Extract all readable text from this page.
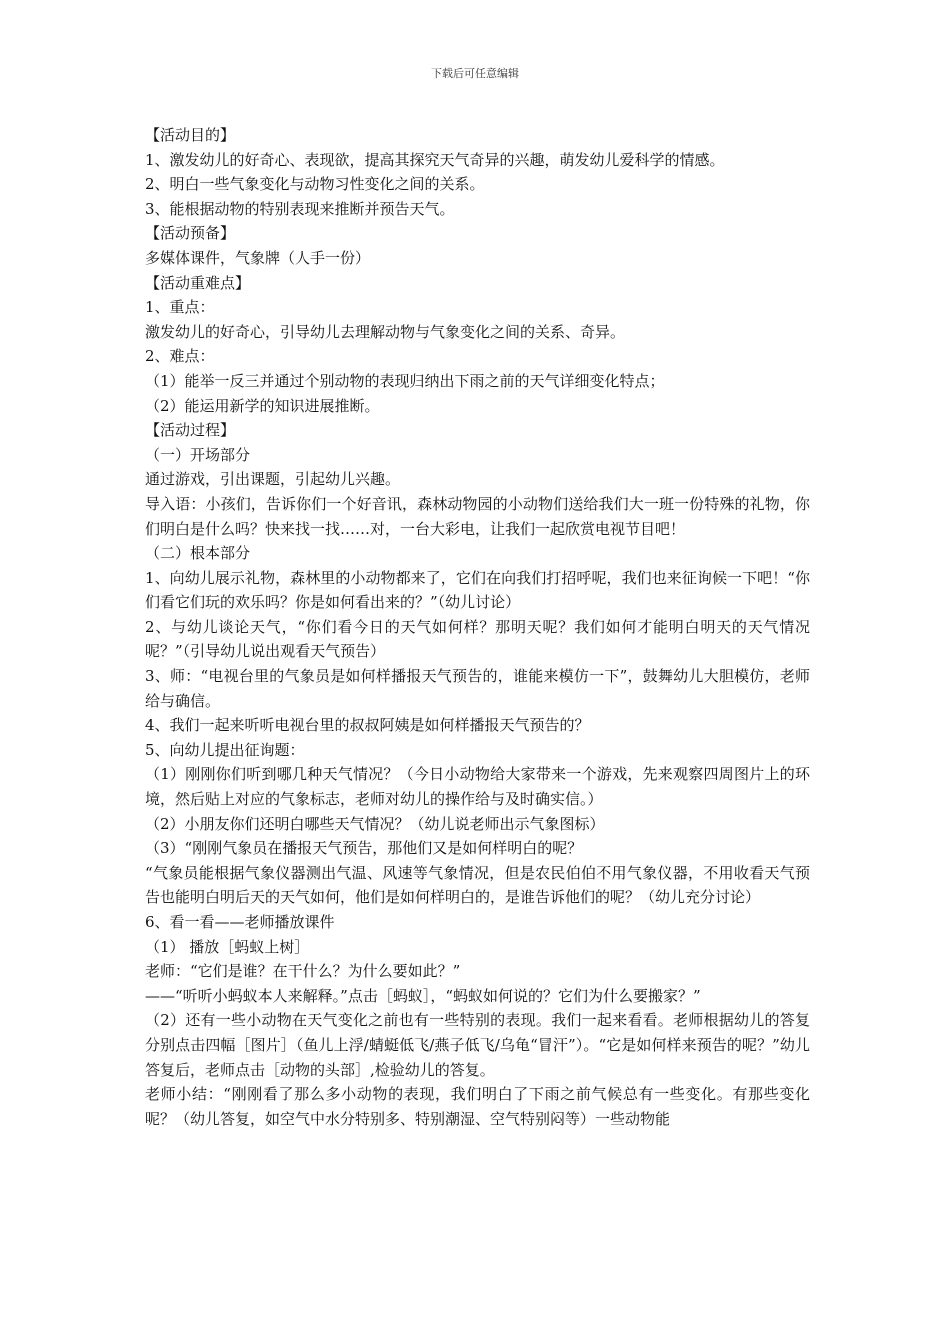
下载后可任意编辑

【活动目的】

1、激发幼儿的好奇心、表现欲，提高其探究天气奇异的兴趣，萌发幼儿爱科学的情感。

2、明白一些气象变化与动物习性变化之间的关系。

3、能根据动物的特别表现来推断并预告天气。

【活动预备】

多媒体课件，气象牌（人手一份）

【活动重难点】

1、重点：

激发幼儿的好奇心，引导幼儿去理解动物与气象变化之间的关系、奇异。

2、难点：

（1）能举一反三并通过个别动物的表现归纳出下雨之前的天气详细变化特点；

（2）能运用新学的知识进展推断。

【活动过程】

（一）开场部分

通过游戏，引出课题，引起幼儿兴趣。

导入语：小孩们，告诉你们一个好音讯，森林动物园的小动物们送给我们大一班一份特殊的礼物，你们明白是什么吗？快来找一找……对，一台大彩电，让我们一起欣赏电视节目吧！

（二）根本部分

1、向幼儿展示礼物，森林里的小动物都来了，它们在向我们打招呼呢，我们也来征询候一下吧！“你们看它们玩的欢乐吗？你是如何看出来的？”（幼儿讨论）

2、与幼儿谈论天气，“你们看今日的天气如何样？那明天呢？我们如何才能明白明天的天气情况呢？”（引导幼儿说出观看天气预告）

3、师：“电视台里的气象员是如何样播报天气预告的，谁能来模仿一下”，鼓舞幼儿大胆模仿，老师给与确信。

4、我们一起来听听电视台里的叔叔阿姨是如何样播报天气预告的？

5、向幼儿提出征询题：

（1）刚刚你们听到哪几种天气情况？（今日小动物给大家带来一个游戏，先来观察四周图片上的环境，然后贴上对应的气象标志，老师对幼儿的操作给与及时确实信。）

（2）小朋友你们还明白哪些天气情况？（幼儿说老师出示气象图标）

（3）“刚刚气象员在播报天气预告，那他们又是如何样明白的呢？

“气象员能根据气象仪器测出气温、风速等气象情况，但是农民伯伯不用气象仪器，不用收看天气预告也能明白明后天的天气如何，他们是如何样明白的，是谁告诉他们的呢？（幼儿充分讨论）

6、看一看——老师播放课件

（1） 播放［蚂蚁上树］

老师：“它们是谁？在干什么？为什么要如此？”

——“听听小蚂蚁本人来解释。”点击［蚂蚁］，“蚂蚁如何说的？它们为什么要搬家？”

（2）还有一些小动物在天气变化之前也有一些特别的表现。我们一起来看看。老师根据幼儿的答复分别点击四幅［图片］（鱼儿上浮/蜻蜓低飞/燕子低飞/乌龟“冒汗”）。“它是如何样来预告的呢？”幼儿答复后，老师点击［动物的头部］,检验幼儿的答复。

老师小结：“刚刚看了那么多小动物的表现，我们明白了下雨之前气候总有一些变化。有那些变化呢？（幼儿答复，如空气中水分特别多、特别潮湿、空气特别闷等）一些动物能
